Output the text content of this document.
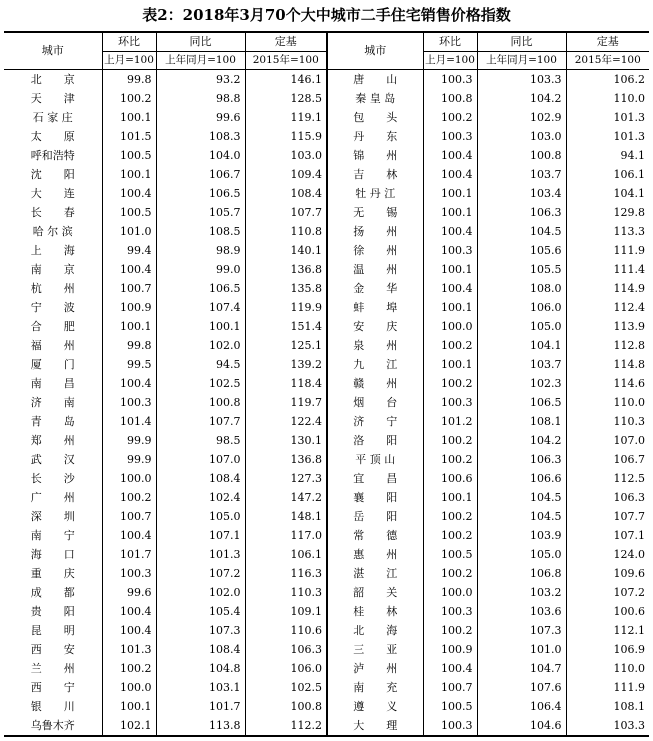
表2：2018年3月70个大中城市二手住宅销售价格指数
城市	环比	同比	定基	城市	环比	同比	定基
	上月=100	上年同月=100	2015年=100		上月=100	上年同月=100	2015年=100
北　　京	99.8	93.2	146.1	唐　　山	100.3	103.3	106.2
天　　津	100.2	98.8	128.5	秦 皇 岛	100.8	104.2	110.0
石 家 庄	100.1	99.6	119.1	包　　头	100.2	102.9	101.3
太　　原	101.5	108.3	115.9	丹　　东	100.3	103.0	101.3
呼和浩特	100.5	104.0	103.0	锦　　州	100.4	100.8	94.1
沈　　阳	100.1	106.7	109.4	吉　　林	100.4	103.7	106.1
大　　连	100.4	106.5	108.4	牡 丹 江	100.1	103.4	104.1
长　　春	100.5	105.7	107.7	无　　锡	100.1	106.3	129.8
哈 尔 滨	101.0	108.5	110.8	扬　　州	100.4	104.5	113.3
上　　海	99.4	98.9	140.1	徐　　州	100.3	105.6	111.9
南　　京	100.4	99.0	136.8	温　　州	100.1	105.5	111.4
杭　　州	100.7	106.5	135.8	金　　华	100.4	108.0	114.9
宁　　波	100.9	107.4	119.9	蚌　　埠	100.1	106.0	112.4
合　　肥	100.1	100.1	151.4	安　　庆	100.0	105.0	113.9
福　　州	99.8	102.0	125.1	泉　　州	100.2	104.1	112.8
厦　　门	99.5	94.5	139.2	九　　江	100.1	103.7	114.8
南　　昌	100.4	102.5	118.4	赣　　州	100.2	102.3	114.6
济　　南	100.3	100.8	119.7	烟　　台	100.3	106.5	110.0
青　　岛	101.4	107.7	122.4	济　　宁	101.2	108.1	110.3
郑　　州	99.9	98.5	130.1	洛　　阳	100.2	104.2	107.0
武　　汉	99.9	107.0	136.8	平 顶 山	100.2	106.3	106.7
长　　沙	100.0	108.4	127.3	宜　　昌	100.6	106.6	112.5
广　　州	100.2	102.4	147.2	襄　　阳	100.1	104.5	106.3
深　　圳	100.7	105.0	148.1	岳　　阳	100.2	104.5	107.7
南　　宁	100.4	107.1	117.0	常　　德	100.2	103.9	107.1
海　　口	101.7	101.3	106.1	惠　　州	100.5	105.0	124.0
重　　庆	100.3	107.2	116.3	湛　　江	100.2	106.8	109.6
成　　都	99.6	102.0	110.3	韶　　关	100.0	103.2	107.2
贵　　阳	100.4	105.4	109.1	桂　　林	100.3	103.6	100.6
昆　　明	100.4	107.3	110.6	北　　海	100.2	107.3	112.1
西　　安	101.3	108.4	106.3	三　　亚	100.9	101.0	106.9
兰　　州	100.2	104.8	106.0	泸　　州	100.4	104.7	110.0
西　　宁	100.0	103.1	102.5	南　　充	100.7	107.6	111.9
银　　川	100.1	101.7	100.8	遵　　义	100.5	106.4	108.1
乌鲁木齐	102.1	113.8	112.2	大　　理	100.3	104.6	103.3
